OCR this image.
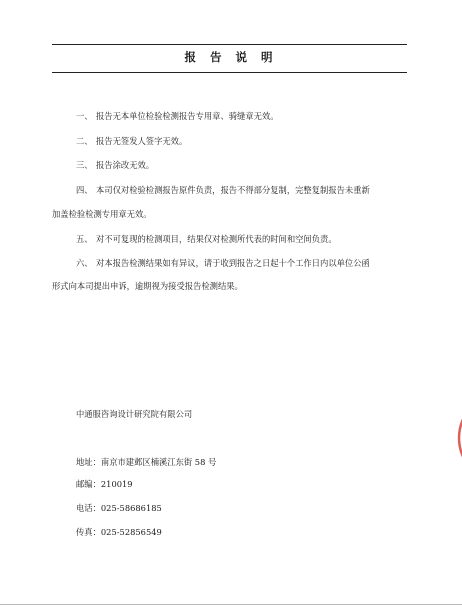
报 告 说 明
一、 报告无本单位检验检测报告专用章、骑缝章无效。
二、 报告无签发人签字无效。
三、 报告涂改无效。
四、 本司仅对检验检测报告原件负责，报告不得部分复制，完整复制报告未重新
加盖检验检测专用章无效。
五、 对不可复现的检测项目，结果仅对检测所代表的时间和空间负责。
六、 对本报告检测结果如有异议，请于收到报告之日起十个工作日内以单位公函
形式向本司提出申诉，逾期视为接受报告检测结果。
中通服咨询设计研究院有限公司
地址：南京市建邺区楠溪江东街 58 号
邮编：210019
电话：025-58686185
传真：025-52856549
